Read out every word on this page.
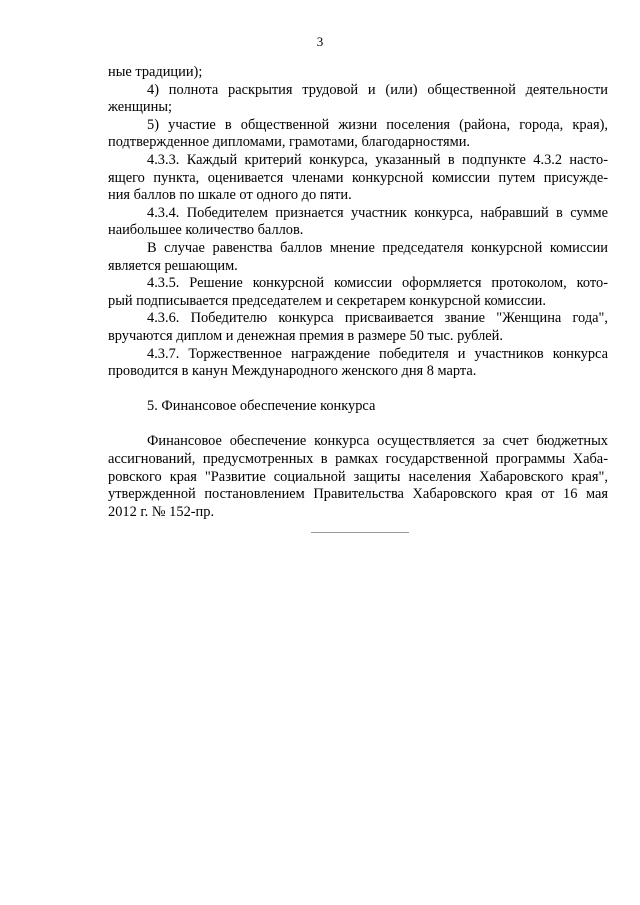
3
ные традиции);
4) полнота раскрытия трудовой и (или) общественной деятельности
женщины;
5) участие в общественной жизни поселения (района, города, края),
подтвержденное дипломами, грамотами, благодарностями.
4.3.3. Каждый критерий конкурса, указанный в подпункте 4.3.2 насто-
ящего пункта, оценивается членами конкурсной комиссии путем присужде-
ния баллов по шкале от одного до пяти.
4.3.4. Победителем признается участник конкурса, набравший в сумме
наибольшее количество баллов.
В случае равенства баллов мнение председателя конкурсной комиссии
является решающим.
4.3.5. Решение конкурсной комиссии оформляется протоколом, кото-
рый подписывается председателем и секретарем конкурсной комиссии.
4.3.6. Победителю конкурса присваивается звание "Женщина года",
вручаются диплом и денежная премия в размере 50 тыс. рублей.
4.3.7. Торжественное награждение победителя и участников конкурса
проводится в канун Международного женского дня 8 марта.
5. Финансовое обеспечение конкурса
Финансовое обеспечение конкурса осуществляется за счет бюджетных
ассигнований, предусмотренных в рамках государственной программы Хаба-
ровского края "Развитие социальной защиты населения Хабаровского края",
утвержденной постановлением Правительства Хабаровского края от 16 мая
2012 г. № 152-пр.
